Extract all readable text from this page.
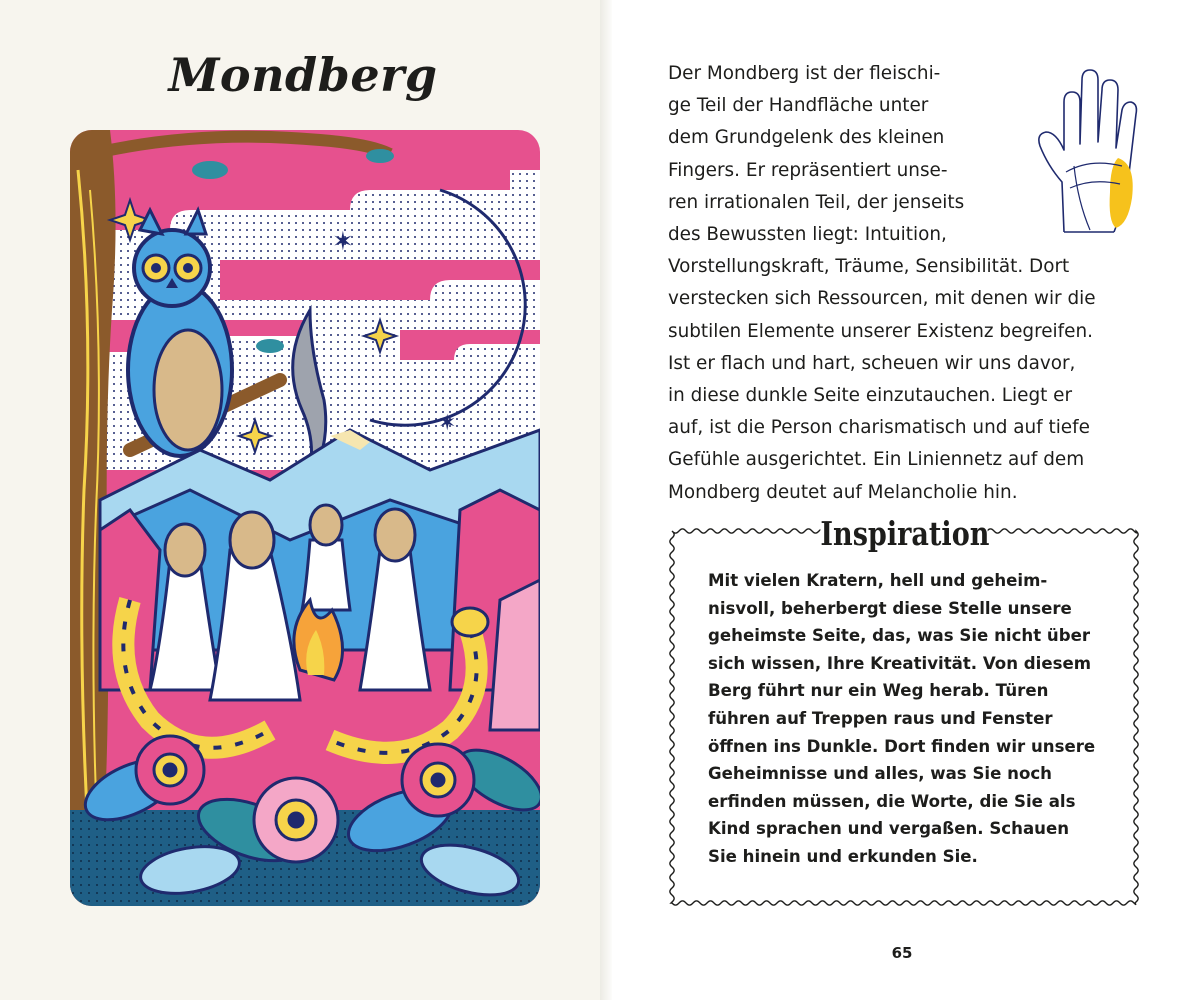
Mondberg
✶
✶
Der Mondberg ist der fleischi-
ge Teil der Handfläche unter
dem Grundgelenk des kleinen
Fingers. Er repräsentiert unse-
ren irrationalen Teil, der jenseits
des Bewussten liegt: Intuition,
Vorstellungskraft, Träume, Sensibilität. Dort
verstecken sich Ressourcen, mit denen wir die
subtilen Elemente unserer Existenz begreifen.
Ist er flach und hart, scheuen wir uns davor,
in diese dunkle Seite einzutauchen. Liegt er
auf, ist die Person charismatisch und auf tiefe
Gefühle ausgerichtet. Ein Liniennetz auf dem
Mondberg deutet auf Melancholie hin.
Inspiration
Mit vielen Kratern, hell und geheim-
nisvoll, beherbergt diese Stelle unsere
geheimste Seite, das, was Sie nicht über
sich wissen, Ihre Kreativität. Von diesem
Berg führt nur ein Weg herab. Türen
führen auf Treppen raus und Fenster
öffnen ins Dunkle. Dort finden wir unsere
Geheimnisse und alles, was Sie noch
erfinden müssen, die Worte, die Sie als
Kind sprachen und vergaßen. Schauen
Sie hinein und erkunden Sie.
65
